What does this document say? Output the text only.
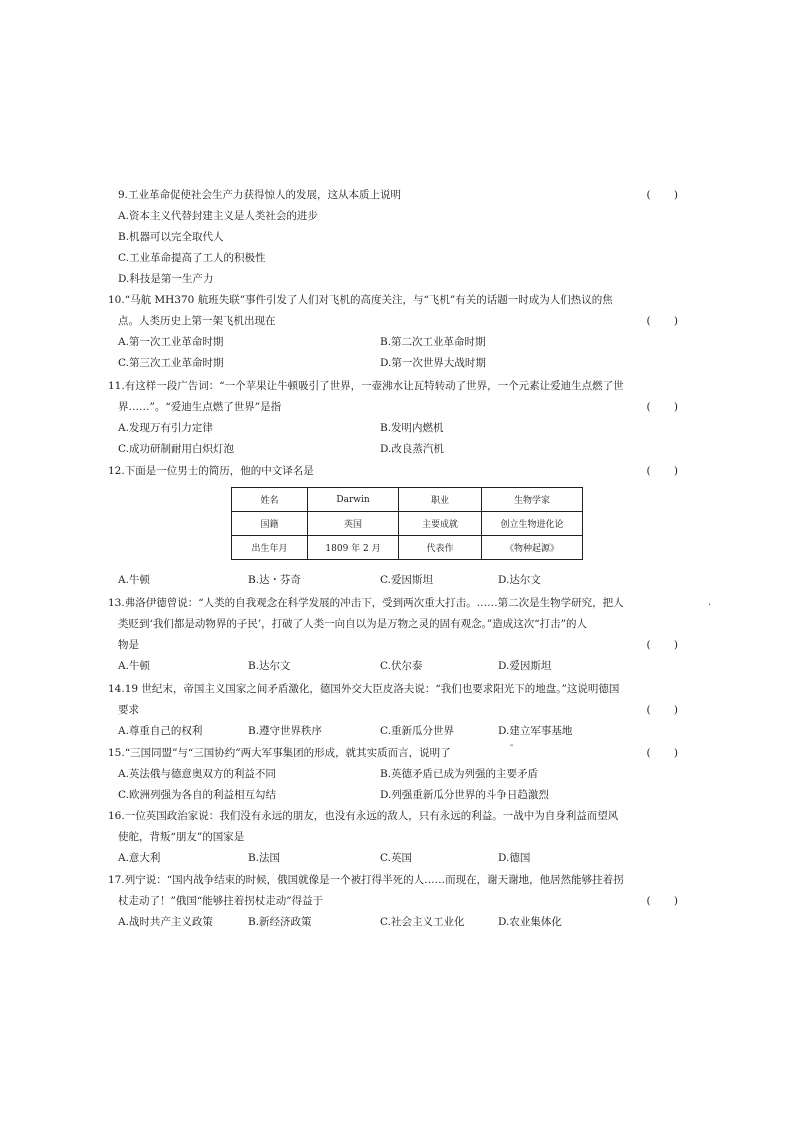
9.工业革命促使社会生产力获得惊人的发展，这从本质上说明	(       )
A.资本主义代替封建主义是人类社会的进步
B.机器可以完全取代人
C.工业革命提高了工人的积极性
D.科技是第一生产力
10.“马航 MH370 航班失联”事件引发了人们对飞机的高度关注，与“飞机”有关的话题一时成为人们热议的焦
点。人类历史上第一架飞机出现在	(       )
A.第一次工业革命时期	B.第二次工业革命时期
C.第三次工业革命时期	D.第一次世界大战时期
11.有这样一段广告词：“一个苹果让牛顿吸引了世界，一壶沸水让瓦特转动了世界，一个元素让爱迪生点燃了世
界……”。“爱迪生点燃了世界”是指	(       )
A.发现万有引力定律	B.发明内燃机
C.成功研制耐用白炽灯泡	D.改良蒸汽机
12.下面是一位男士的简历，他的中文译名是	(       )
姓名	Darwin	职业	生物学家
国籍	英国	主要成就	创立生物进化论
出生年月	1809 年 2 月	代表作	《物种起源》
A.牛顿	B.达・芬奇	C.爱因斯坦	D.达尔文
13.弗洛伊德曾说：“人类的自我观念在科学发展的冲击下，受到两次重大打击。……第二次是生物学研究，把人
类贬到‘我们都是动物界的子民’，打破了人类一向自以为是万物之灵的固有观念。”造成这次“打击”的人
物是	(       )
A.牛顿	B.达尔文	C.伏尔泰	D.爱因斯坦
14.19 世纪末，帝国主义国家之间矛盾激化，德国外交大臣皮洛夫说：“我们也要求阳光下的地盘。”这说明德国
要求	(       )
A.尊重自己的权利	B.遵守世界秩序	C.重新瓜分世界	D.建立军事基地
15.“三国同盟”与“三国协约”两大军事集团的形成，就其实质而言，说明了	(       )
A.英法俄与德意奥双方的利益不同	B.英德矛盾已成为列强的主要矛盾
C.欧洲列强为各自的利益相互勾结	D.列强重新瓜分世界的斗争日趋激烈
16.一位英国政治家说：我们没有永远的朋友，也没有永远的敌人，只有永远的利益。一战中为自身利益而望风
使舵，背叛“朋友”的国家是
A.意大利	B.法国	C.英国	D.德国
17.列宁说：“国内战争结束的时候，俄国就像是一个被打得半死的人……而现在，谢天谢地，他居然能够拄着拐
杖走动了！”俄国“能够拄着拐杖走动”得益于	(       )
A.战时共产主义政策	B.新经济政策	C.社会主义工业化	D.农业集体化
·
-
